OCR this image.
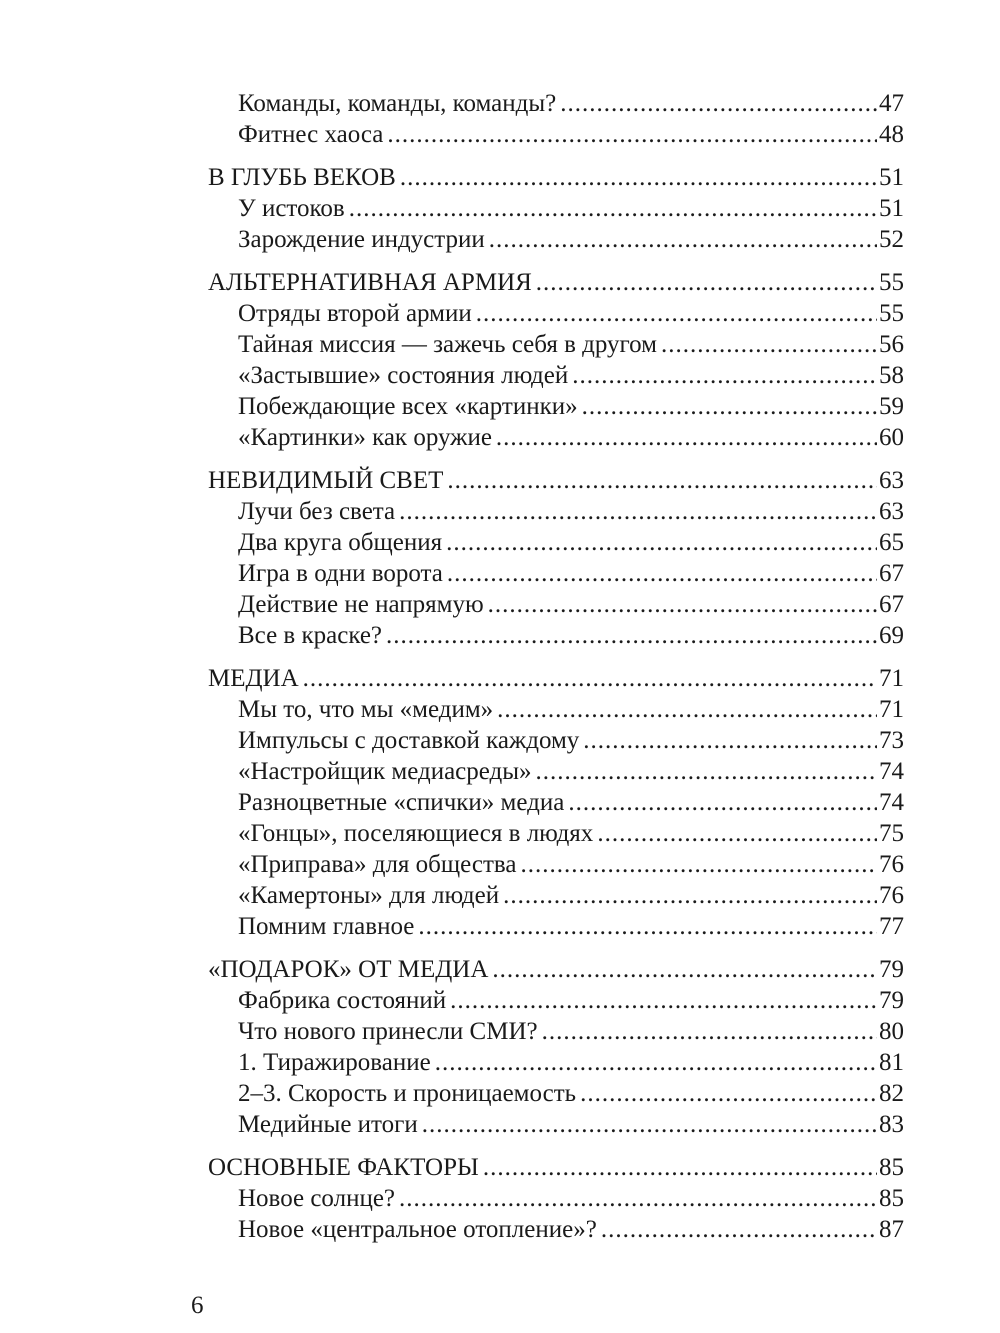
Команды, команды, команды? .....	47
Фитнес хаоса .....	48
В ГЛУБЬ ВЕКОВ .....	51
У истоков .....	51
Зарождение индустрии .....	52
АЛЬТЕРНАТИВНАЯ АРМИЯ .....	55
Отряды второй армии .....	55
Тайная миссия — зажечь себя в другом .....	56
«Застывшие» состояния людей .....	58
Побеждающие всех «картинки» .....	59
«Картинки» как оружие .....	60
НЕВИДИМЫЙ СВЕТ .....	63
Лучи без света .....	63
Два круга общения .....	65
Игра в одни ворота .....	67
Действие не напрямую .....	67
Все в краске? .....	69
МЕДИА .....	71
Мы то, что мы «медим» .....	71
Импульсы с доставкой каждому .....	73
«Настройщик медиасреды» .....	74
Разноцветные «спички» медиа .....	74
«Гонцы», поселяющиеся в людях .....	75
«Приправа» для общества .....	76
«Камертоны» для людей .....	76
Помним главное .....	77
«ПОДАРОК» ОТ МЕДИА .....	79
Фабрика состояний .....	79
Что нового принесли СМИ? .....	80
1. Тиражирование .....	81
2–3. Скорость и проницаемость .....	82
Медийные итоги .....	83
ОСНОВНЫЕ ФАКТОРЫ .....	85
Новое солнце? .....	85
Новое «центральное отопление»? .....	87
6
